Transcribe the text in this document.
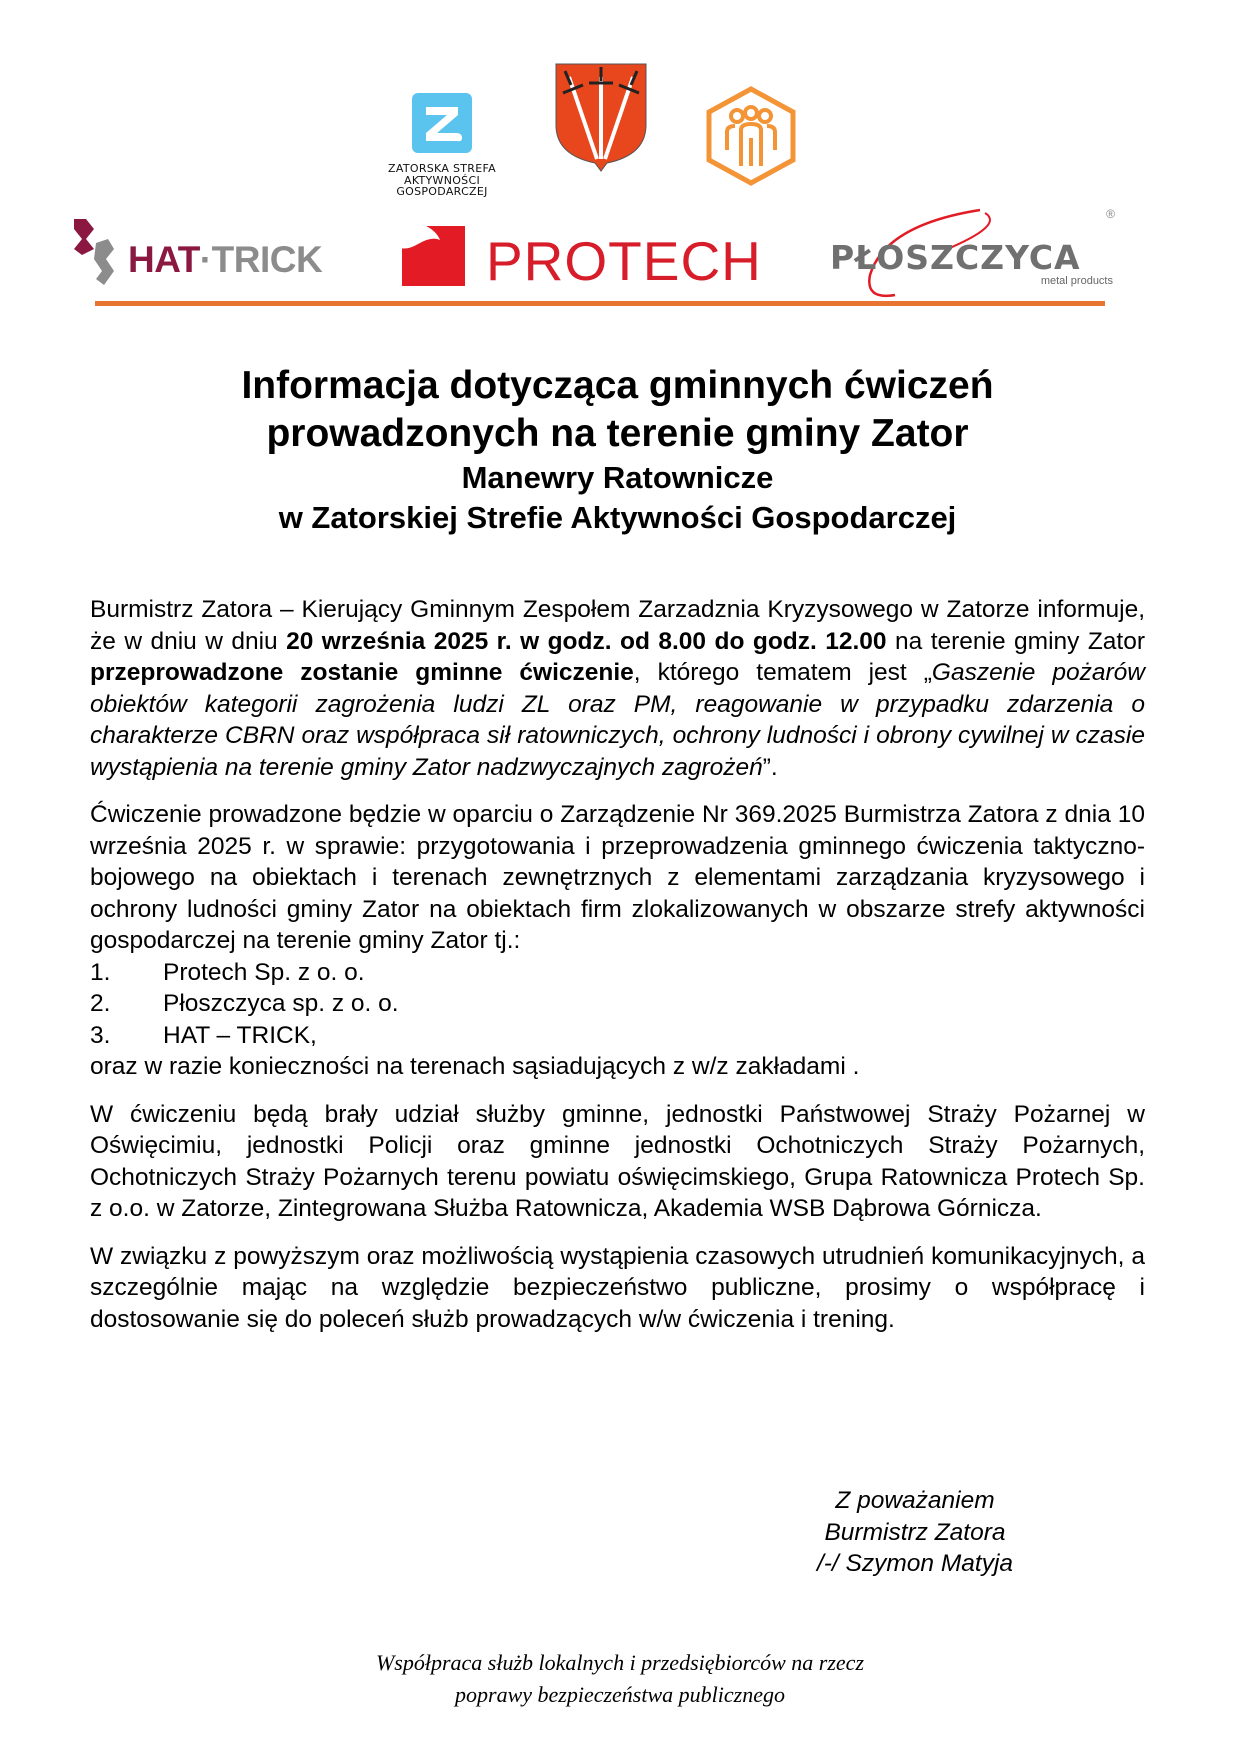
ZATORSKA STREFA
AKTYWNOŚCI
GOSPODARCZEJ
HAT·TRICK	PROTECH
®
PŁOSZCZYCA
metal products
Informacja dotycząca gminnych ćwiczeń
prowadzonych na terenie gminy Zator
Manewry Ratownicze
w Zatorskiej Strefie Aktywności Gospodarczej

Burmistrz Zatora – Kierujący Gminnym Zespołem Zarzadznia Kryzysowego w Zatorze informuje, że w dniu w dniu 20 września 2025 r. w godz. od 8.00 do godz. 12.00 na terenie gminy Zator przeprowadzone zostanie gminne ćwiczenie, którego tematem jest „Gaszenie pożarów obiektów kategorii zagrożenia ludzi ZL oraz PM, reagowanie w przypadku zdarzenia o charakterze CBRN oraz współpraca sił ratowniczych, ochrony ludności i obrony cywilnej w czasie wystąpienia na terenie gminy Zator nadzwyczajnych zagrożeń”.

Ćwiczenie prowadzone będzie w oparciu o Zarządzenie Nr 369.2025 Burmistrza Zatora z dnia 10 września 2025 r. w sprawie: przygotowania i przeprowadzenia gminnego ćwiczenia taktyczno-bojowego na obiektach i terenach zewnętrznych z elementami zarządzania kryzysowego i ochrony ludności gminy Zator na obiektach firm zlokalizowanych w obszarze strefy aktywności gospodarczej na terenie gminy Zator tj.:

1. Protech Sp. z o. o.
2. Płoszczyca sp. z o. o.
3. HAT – TRICK,
oraz w razie konieczności na terenach sąsiadujących z w/z zakładami .

W ćwiczeniu będą brały udział służby gminne, jednostki Państwowej Straży Pożarnej w Oświęcimiu, jednostki Policji oraz gminne jednostki Ochotniczych Straży Pożarnych, Ochotniczych Straży Pożarnych terenu powiatu oświęcimskiego, Grupa Ratownicza Protech Sp. z o.o. w Zatorze, Zintegrowana Służba Ratownicza, Akademia WSB Dąbrowa Górnicza.

W związku z powyższym oraz możliwością wystąpienia czasowych utrudnień komunikacyjnych, a szczególnie mając na względzie bezpieczeństwo publiczne, prosimy o współpracę i dostosowanie się do poleceń służb prowadzących w/w ćwiczenia i trening.

Z poważaniem
Burmistrz Zatora
/-/ Szymon Matyja
Współpraca służb lokalnych i przedsiębiorców na rzecz
poprawy bezpieczeństwa publicznego
